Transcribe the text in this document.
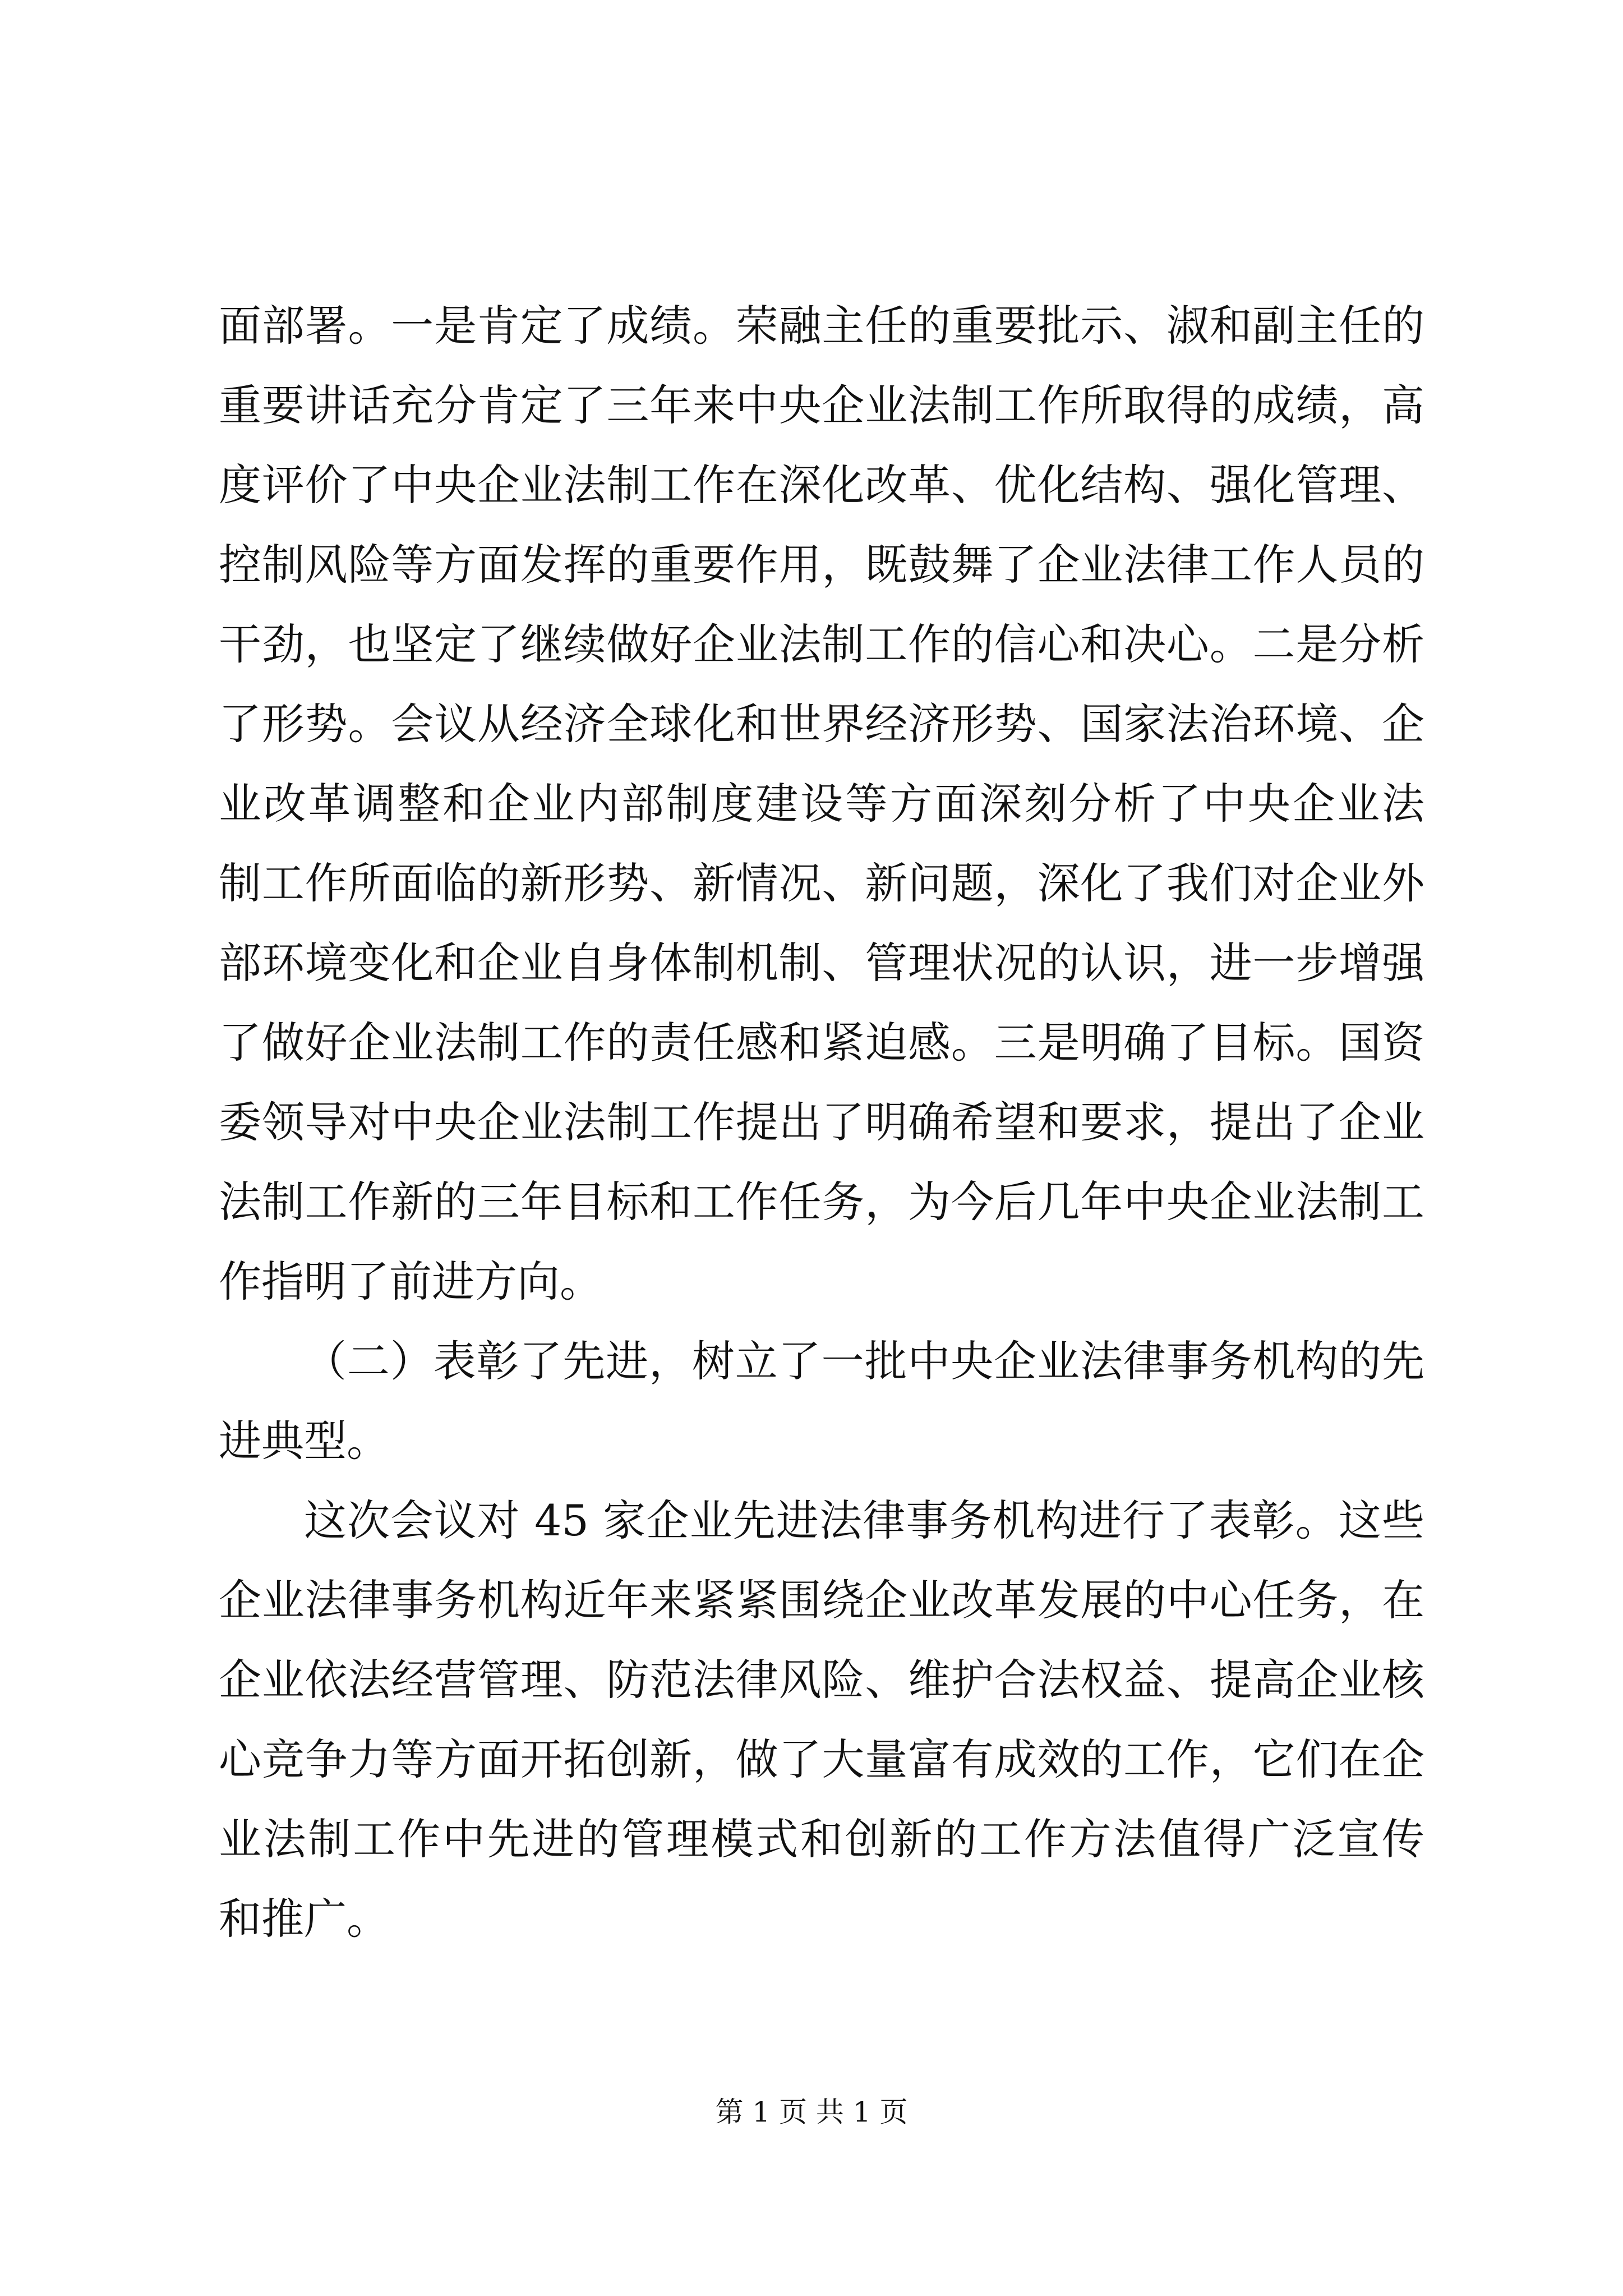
面部署。一是肯定了成绩。荣融主任的重要批示、淑和副主任的
重要讲话充分肯定了三年来中央企业法制工作所取得的成绩，高
度评价了中央企业法制工作在深化改革、优化结构、强化管理、
控制风险等方面发挥的重要作用，既鼓舞了企业法律工作人员的
干劲，也坚定了继续做好企业法制工作的信心和决心。二是分析
了形势。会议从经济全球化和世界经济形势、国家法治环境、企
业改革调整和企业内部制度建设等方面深刻分析了中央企业法
制工作所面临的新形势、新情况、新问题，深化了我们对企业外
部环境变化和企业自身体制机制、管理状况的认识，进一步增强
了做好企业法制工作的责任感和紧迫感。三是明确了目标。国资
委领导对中央企业法制工作提出了明确希望和要求，提出了企业
法制工作新的三年目标和工作任务，为今后几年中央企业法制工
作指明了前进方向。
（二）表彰了先进，树立了一批中央企业法律事务机构的先
进典型。
这次会议对 45 家企业先进法律事务机构进行了表彰。这些
企业法律事务机构近年来紧紧围绕企业改革发展的中心任务，在
企业依法经营管理、防范法律风险、维护合法权益、提高企业核
心竞争力等方面开拓创新，做了大量富有成效的工作，它们在企
业法制工作中先进的管理模式和创新的工作方法值得广泛宣传
和推广。
第 1 页 共 1 页
